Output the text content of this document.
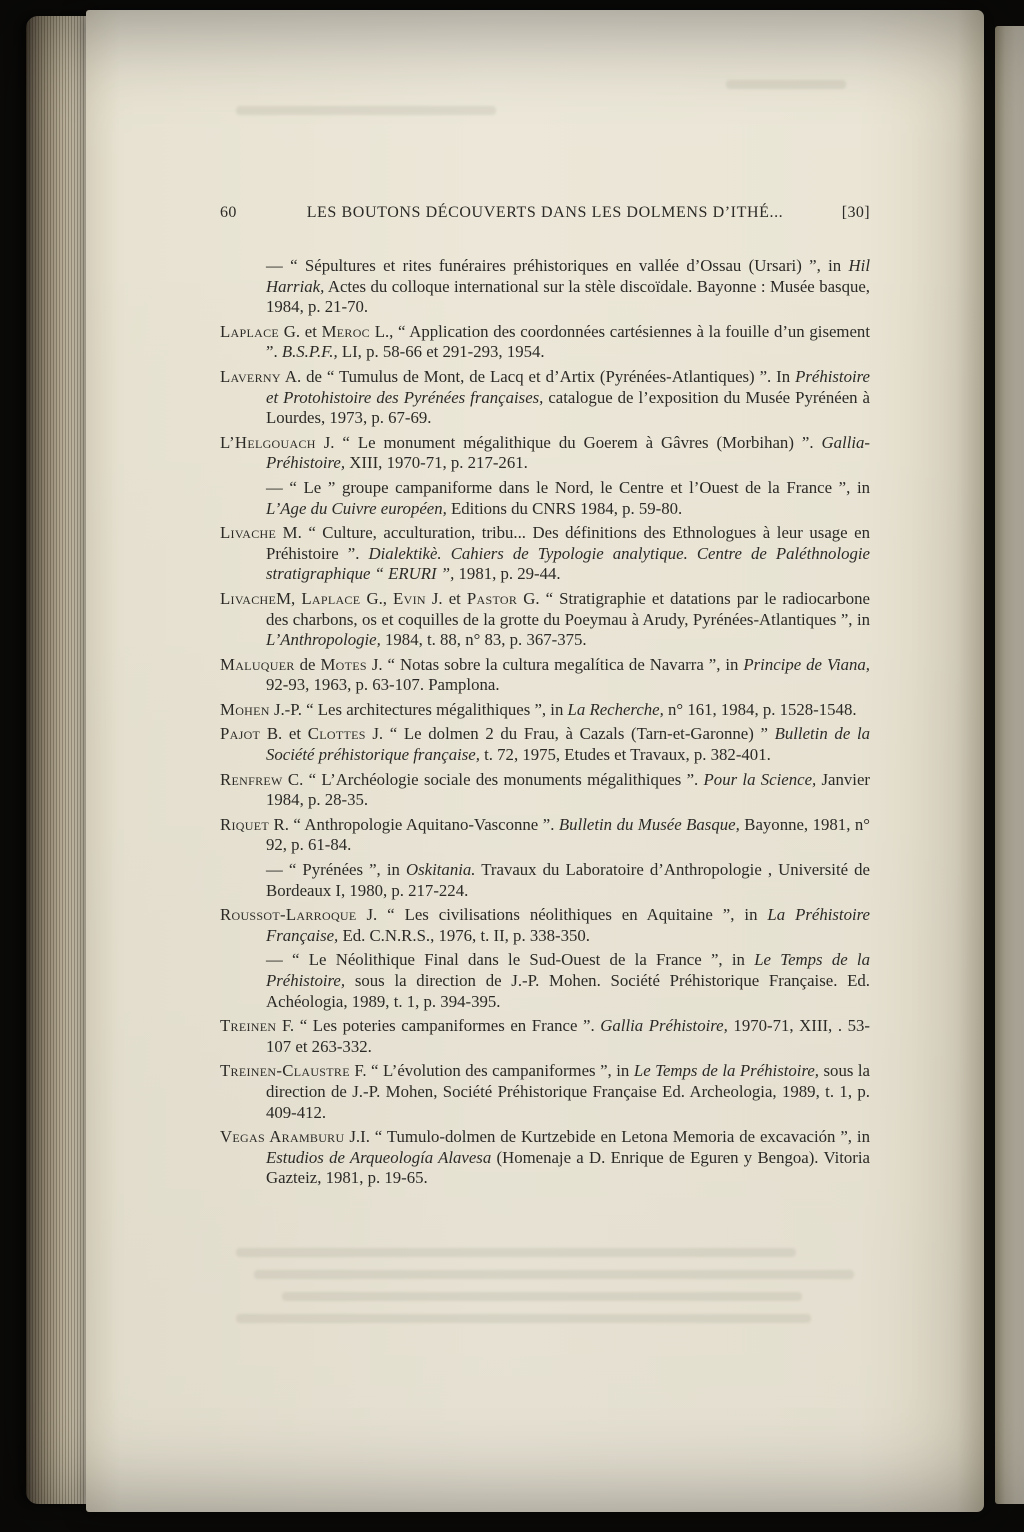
60	LES BOUTONS DÉCOUVERTS DANS LES DOLMENS D’ITHÉ...	[30]

— “ Sépultures et rites funéraires préhistoriques en vallée d’Ossau (Ursari) ”, in Hil Harriak, Actes du colloque international sur la stèle discoïdale. Bayonne : Musée basque, 1984, p. 21-70.

Laplace G. et Meroc L., “ Application des coordonnées cartésiennes à la fouille d’un gisement ”. B.S.P.F., LI, p. 58-66 et 291-293, 1954.

Laverny A. de “ Tumulus de Mont, de Lacq et d’Artix (Pyrénées-Atlantiques) ”. In Préhistoire et Protohistoire des Pyrénées françaises, catalogue de l’exposition du Musée Pyrénéen à Lourdes, 1973, p. 67-69.

L’Helgouach J. “ Le monument mégalithique du Goerem à Gâvres (Morbihan) ”. Gallia-Préhistoire, XIII, 1970-71, p. 217-261.

— “ Le ” groupe campaniforme dans le Nord, le Centre et l’Ouest de la France ”, in L’Age du Cuivre européen, Editions du CNRS 1984, p. 59-80.

Livache M. “ Culture, acculturation, tribu... Des définitions des Ethnologues à leur usage en Préhistoire ”. Dialektikè. Cahiers de Typologie analytique. Centre de Paléthnologie stratigraphique “ ERURI ”, 1981, p. 29-44.

LivacheM, Laplace G., Evin J. et Pastor G. “ Stratigraphie et datations par le radiocarbone des charbons, os et coquilles de la grotte du Poeymau à Arudy, Pyrénées-Atlantiques ”, in L’Anthropologie, 1984, t. 88, n° 83, p. 367-375.

Maluquer de Motes J. “ Notas sobre la cultura megalítica de Navarra ”, in Principe de Viana, 92-93, 1963, p. 63-107. Pamplona.

Mohen J.-P. “ Les architectures mégalithiques ”, in La Recherche, n° 161, 1984, p. 1528-1548.

Pajot B. et Clottes J. “ Le dolmen 2 du Frau, à Cazals (Tarn-et-Garonne) ” Bulletin de la Société préhistorique française, t. 72, 1975, Etudes et Travaux, p. 382-401.

Renfrew C. “ L’Archéologie sociale des monuments mégalithiques ”. Pour la Science, Janvier 1984, p. 28-35.

Riquet R. “ Anthropologie Aquitano-Vasconne ”. Bulletin du Musée Basque, Bayonne, 1981, n° 92, p. 61-84.

— “ Pyrénées ”, in Oskitania. Travaux du Laboratoire d’Anthropologie , Université de Bordeaux I, 1980, p. 217-224.

Roussot-Larroque J. “ Les civilisations néolithiques en Aquitaine ”, in La Préhistoire Française, Ed. C.N.R.S., 1976, t. II, p. 338-350.

— “ Le Néolithique Final dans le Sud-Ouest de la France ”, in Le Temps de la Préhistoire, sous la direction de J.-P. Mohen. Société Préhistorique Française. Ed. Achéologia, 1989, t. 1, p. 394-395.

Treinen F. “ Les poteries campaniformes en France ”. Gallia Préhistoire, 1970-71, XIII, . 53-107 et 263-332.

Treinen-Claustre F. “ L’évolution des campaniformes ”, in Le Temps de la Préhistoire, sous la direction de J.-P. Mohen, Société Préhistorique Française Ed. Archeologia, 1989, t. 1, p. 409-412.

Vegas Aramburu J.I. “ Tumulo-dolmen de Kurtzebide en Letona Memoria de excavación ”, in Estudios de Arqueología Alavesa (Homenaje a D. Enrique de Eguren y Bengoa). Vitoria Gazteiz, 1981, p. 19-65.
